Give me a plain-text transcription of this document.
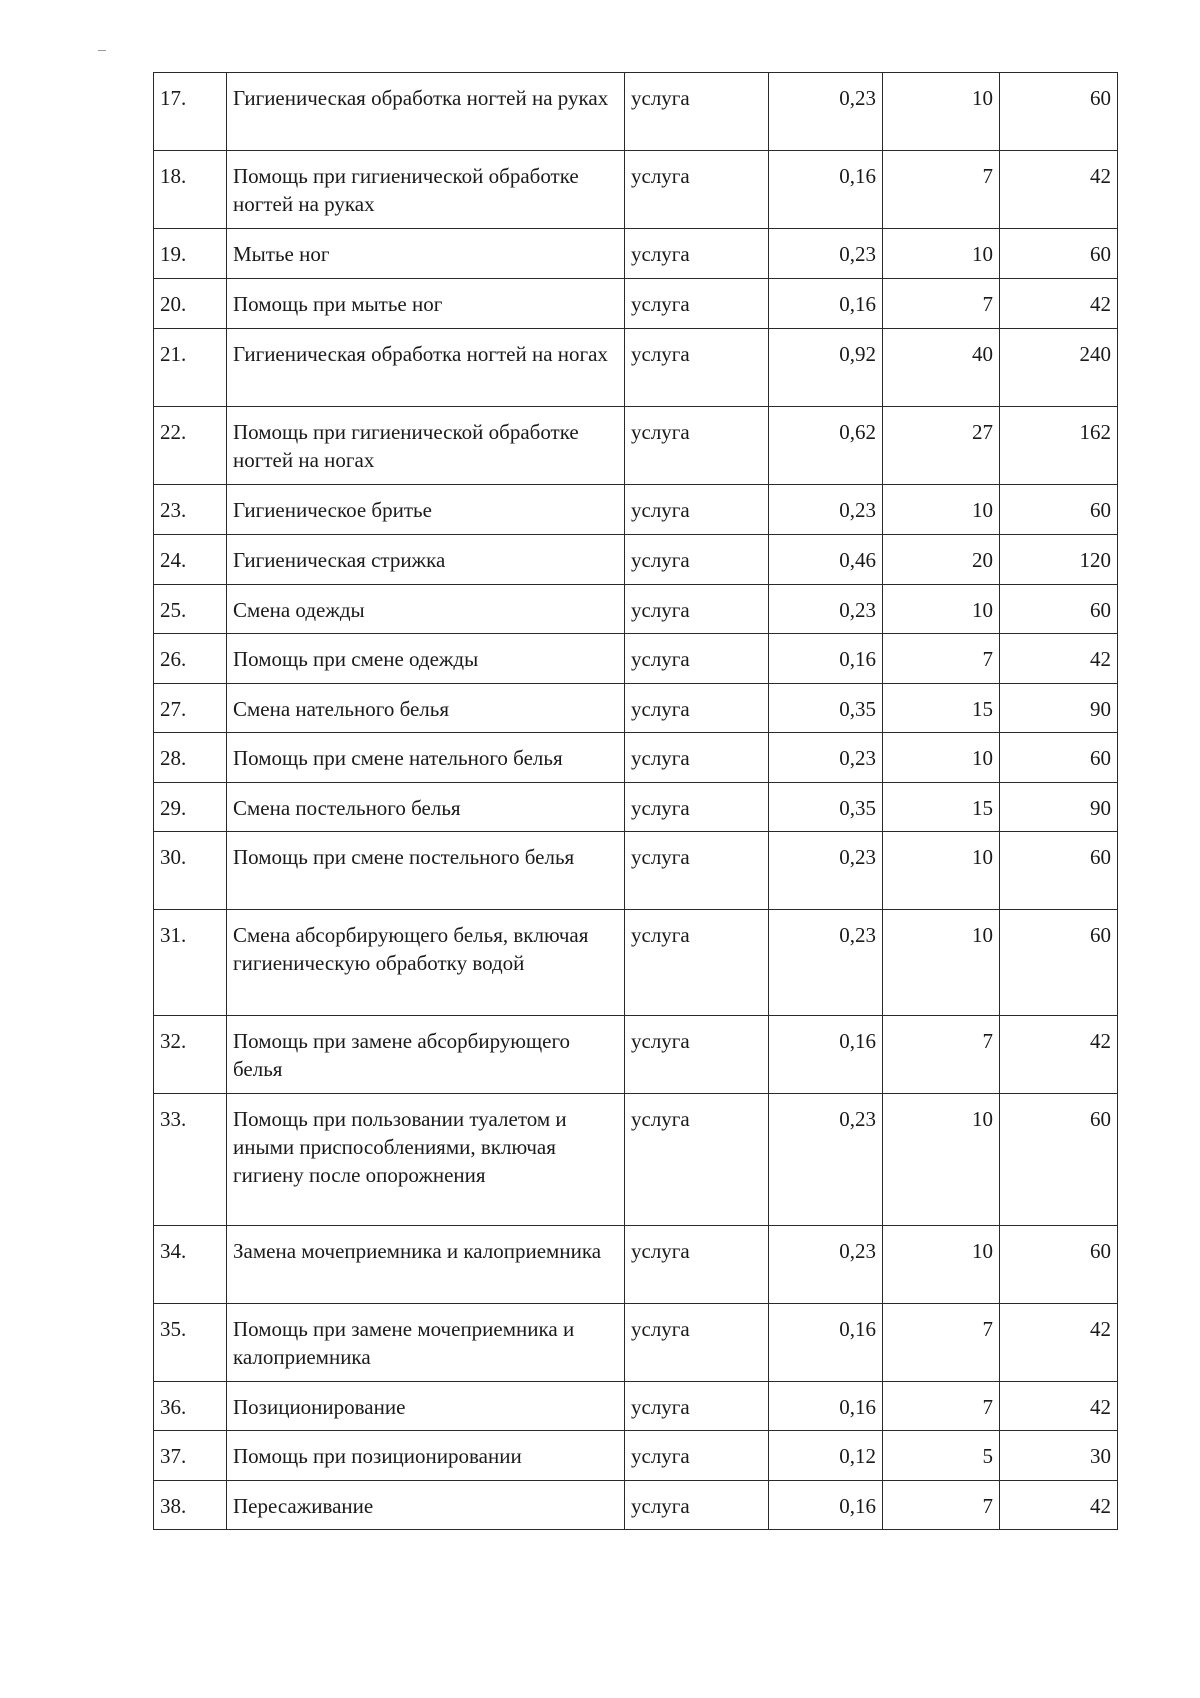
17.	Гигиеническая обработка ногтей на руках	услуга	0,23	10	60
18.	Помощь при гигиенической обработке ногтей на руках	услуга	0,16	7	42
19.	Мытье ног	услуга	0,23	10	60
20.	Помощь при мытье ног	услуга	0,16	7	42
21.	Гигиеническая обработка ногтей на ногах	услуга	0,92	40	240
22.	Помощь при гигиенической обработке ногтей на ногах	услуга	0,62	27	162
23.	Гигиеническое бритье	услуга	0,23	10	60
24.	Гигиеническая стрижка	услуга	0,46	20	120
25.	Смена одежды	услуга	0,23	10	60
26.	Помощь при смене одежды	услуга	0,16	7	42
27.	Смена нательного белья	услуга	0,35	15	90
28.	Помощь при смене нательного белья	услуга	0,23	10	60
29.	Смена постельного белья	услуга	0,35	15	90
30.	Помощь при смене постельного белья	услуга	0,23	10	60
31.	Смена абсорбирующего белья, включая гигиеническую обработку водой	услуга	0,23	10	60
32.	Помощь при замене абсорбирующего белья	услуга	0,16	7	42
33.	Помощь при пользовании туалетом и иными приспособлениями, включая гигиену после опорожнения	услуга	0,23	10	60
34.	Замена мочеприемника и калоприемника	услуга	0,23	10	60
35.	Помощь при замене мочеприемника и калоприемника	услуга	0,16	7	42
36.	Позиционирование	услуга	0,16	7	42
37.	Помощь при позиционировании	услуга	0,12	5	30
38.	Пересаживание	услуга	0,16	7	42
